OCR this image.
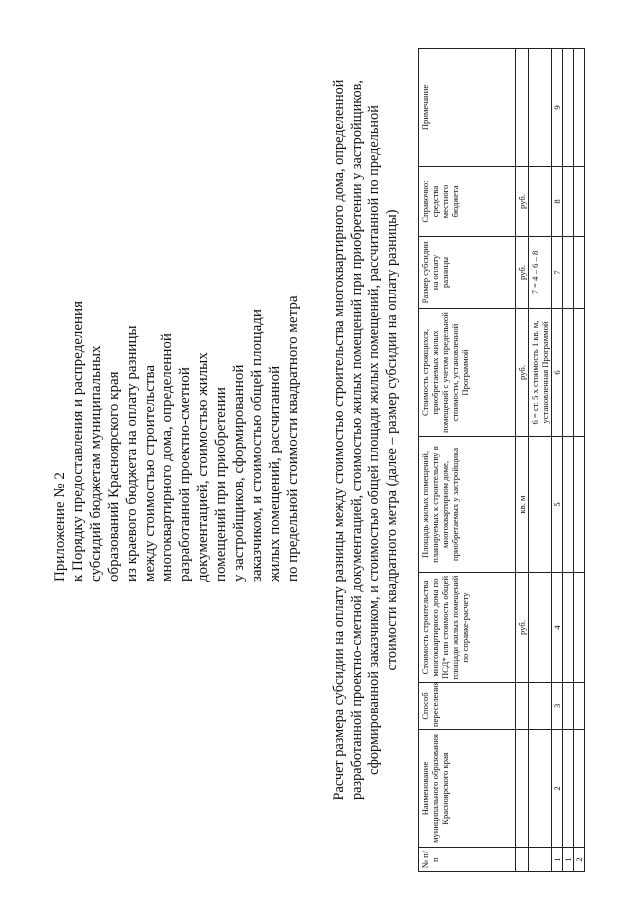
Приложение № 2 к Порядку предоставления и распределения субсидий бюджетам муниципальных образований Красноярского края из краевого бюджета на оплату разницы между стоимостью строительства многоквартирного дома, определенной разработанной проектно-сметной документацией, стоимостью жилых помещений при приобретении у застройщиков, сформированной заказчиком, и стоимостью общей площади жилых помещений, рассчитанной по предельной стоимости квадратного метра Расчет размера субсидии на оплату разницы между стоимостью строительства многоквартирного дома, определенной разработанной проектно-сметной документацией, стоимостью жилых помещений при приобретении у застройщиков, сформированной заказчиком, и стоимостью общей площади жилых помещений, рассчитанной по предельной стоимости квадратного метра (далее – размер субсидии на оплату разницы)
№ п/п	Наименование муниципального образования Красноярского края	Способ переселения	Стоимость строительства многоквартирного дома по ПСД* или стоимость общей площади жилых помещений по справке-расчету	Площадь жилых помещений, планируемых к строительству в многоквартирном доме, приобретаемых у застройщика	Стоимость строящихся, приобретаемых жилых помещений с учетом предельной стоимости, установленной Программой	Размер субсидии на оплату разницы	Справочно: средства местного бюджета	Примечание
			руб.	кв. м	руб.	руб.	руб.	
					6 = ст. 5 x стоимость 1 кв. м, установленная Программой	7 = 4 – 6 – 8		
1	2	3	4	5	6	7	8	9
1								
2								
